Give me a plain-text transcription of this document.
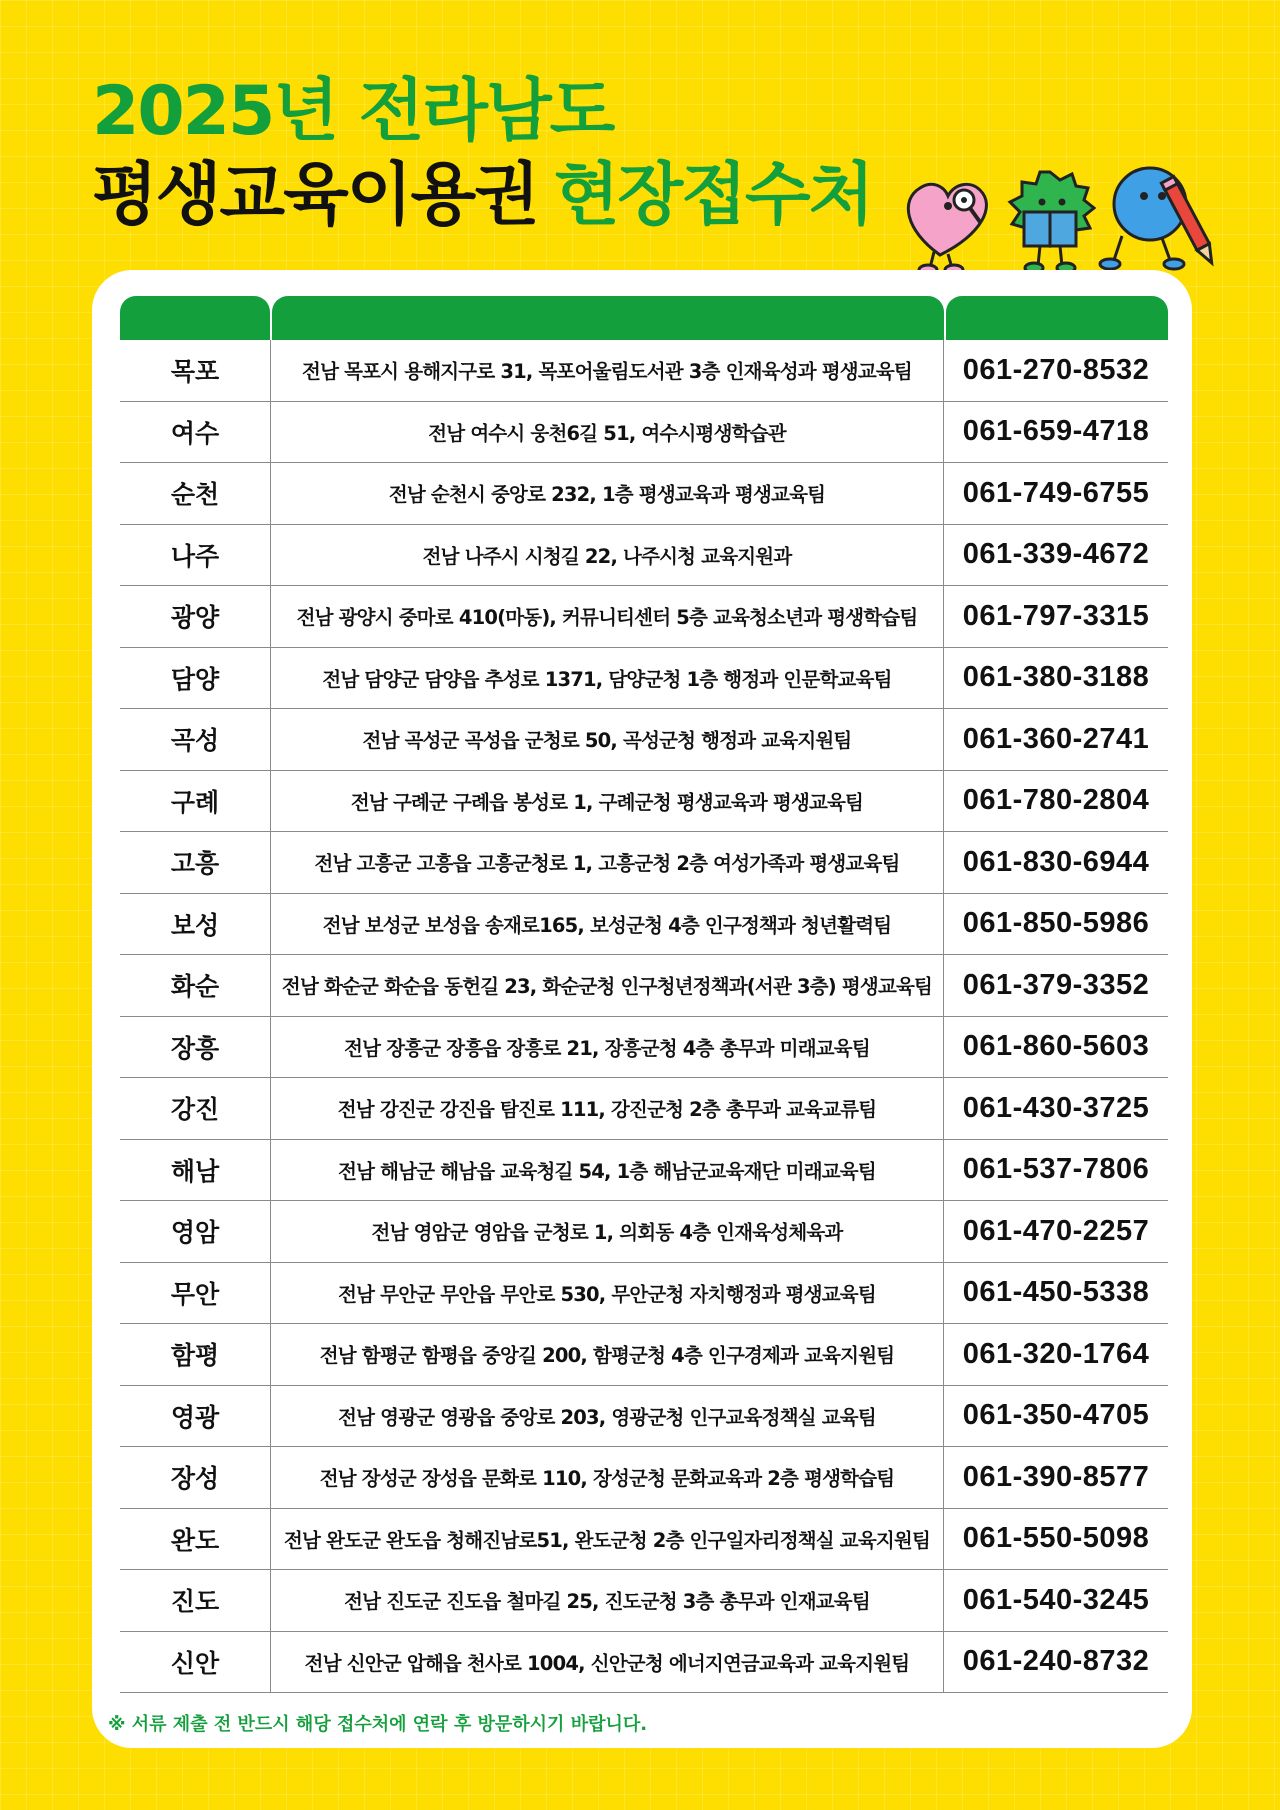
2025년 전라남도
평생교육이용권 현장접수처
목포	전남 목포시 용해지구로 31, 목포어울림도서관 3층 인재육성과 평생교육팀	061-270-8532
여수	전남 여수시 웅천6길 51, 여수시평생학습관	061-659-4718
순천	전남 순천시 중앙로 232, 1층 평생교육과 평생교육팀	061-749-6755
나주	전남 나주시 시청길 22, 나주시청 교육지원과	061-339-4672
광양	전남 광양시 중마로 410(마동), 커뮤니티센터 5층 교육청소년과 평생학습팀	061-797-3315
담양	전남 담양군 담양읍 추성로 1371, 담양군청 1층 행정과 인문학교육팀	061-380-3188
곡성	전남 곡성군 곡성읍 군청로 50, 곡성군청 행정과 교육지원팀	061-360-2741
구례	전남 구례군 구례읍 봉성로 1, 구례군청 평생교육과 평생교육팀	061-780-2804
고흥	전남 고흥군 고흥읍 고흥군청로 1, 고흥군청 2층 여성가족과 평생교육팀	061-830-6944
보성	전남 보성군 보성읍 송재로165, 보성군청 4층 인구정책과 청년활력팀	061-850-5986
화순	전남 화순군 화순읍 동헌길 23, 화순군청 인구청년정책과(서관 3층) 평생교육팀	061-379-3352
장흥	전남 장흥군 장흥읍 장흥로 21, 장흥군청 4층 총무과 미래교육팀	061-860-5603
강진	전남 강진군 강진읍 탐진로 111, 강진군청 2층 총무과 교육교류팀	061-430-3725
해남	전남 해남군 해남읍 교육청길 54, 1층 해남군교육재단 미래교육팀	061-537-7806
영암	전남 영암군 영암읍 군청로 1, 의회동 4층 인재육성체육과	061-470-2257
무안	전남 무안군 무안읍 무안로 530, 무안군청 자치행정과 평생교육팀	061-450-5338
함평	전남 함평군 함평읍 중앙길 200, 함평군청 4층 인구경제과 교육지원팀	061-320-1764
영광	전남 영광군 영광읍 중앙로 203, 영광군청 인구교육정책실 교육팀	061-350-4705
장성	전남 장성군 장성읍 문화로 110, 장성군청 문화교육과 2층 평생학습팀	061-390-8577
완도	전남 완도군 완도읍 청해진남로51, 완도군청 2층 인구일자리정책실 교육지원팀	061-550-5098
진도	전남 진도군 진도읍 철마길 25, 진도군청 3층 총무과 인재교육팀	061-540-3245
신안	전남 신안군 압해읍 천사로 1004, 신안군청 에너지연금교육과 교육지원팀	061-240-8732
※ 서류 제출 전 반드시 해당 접수처에 연락 후 방문하시기 바랍니다.
